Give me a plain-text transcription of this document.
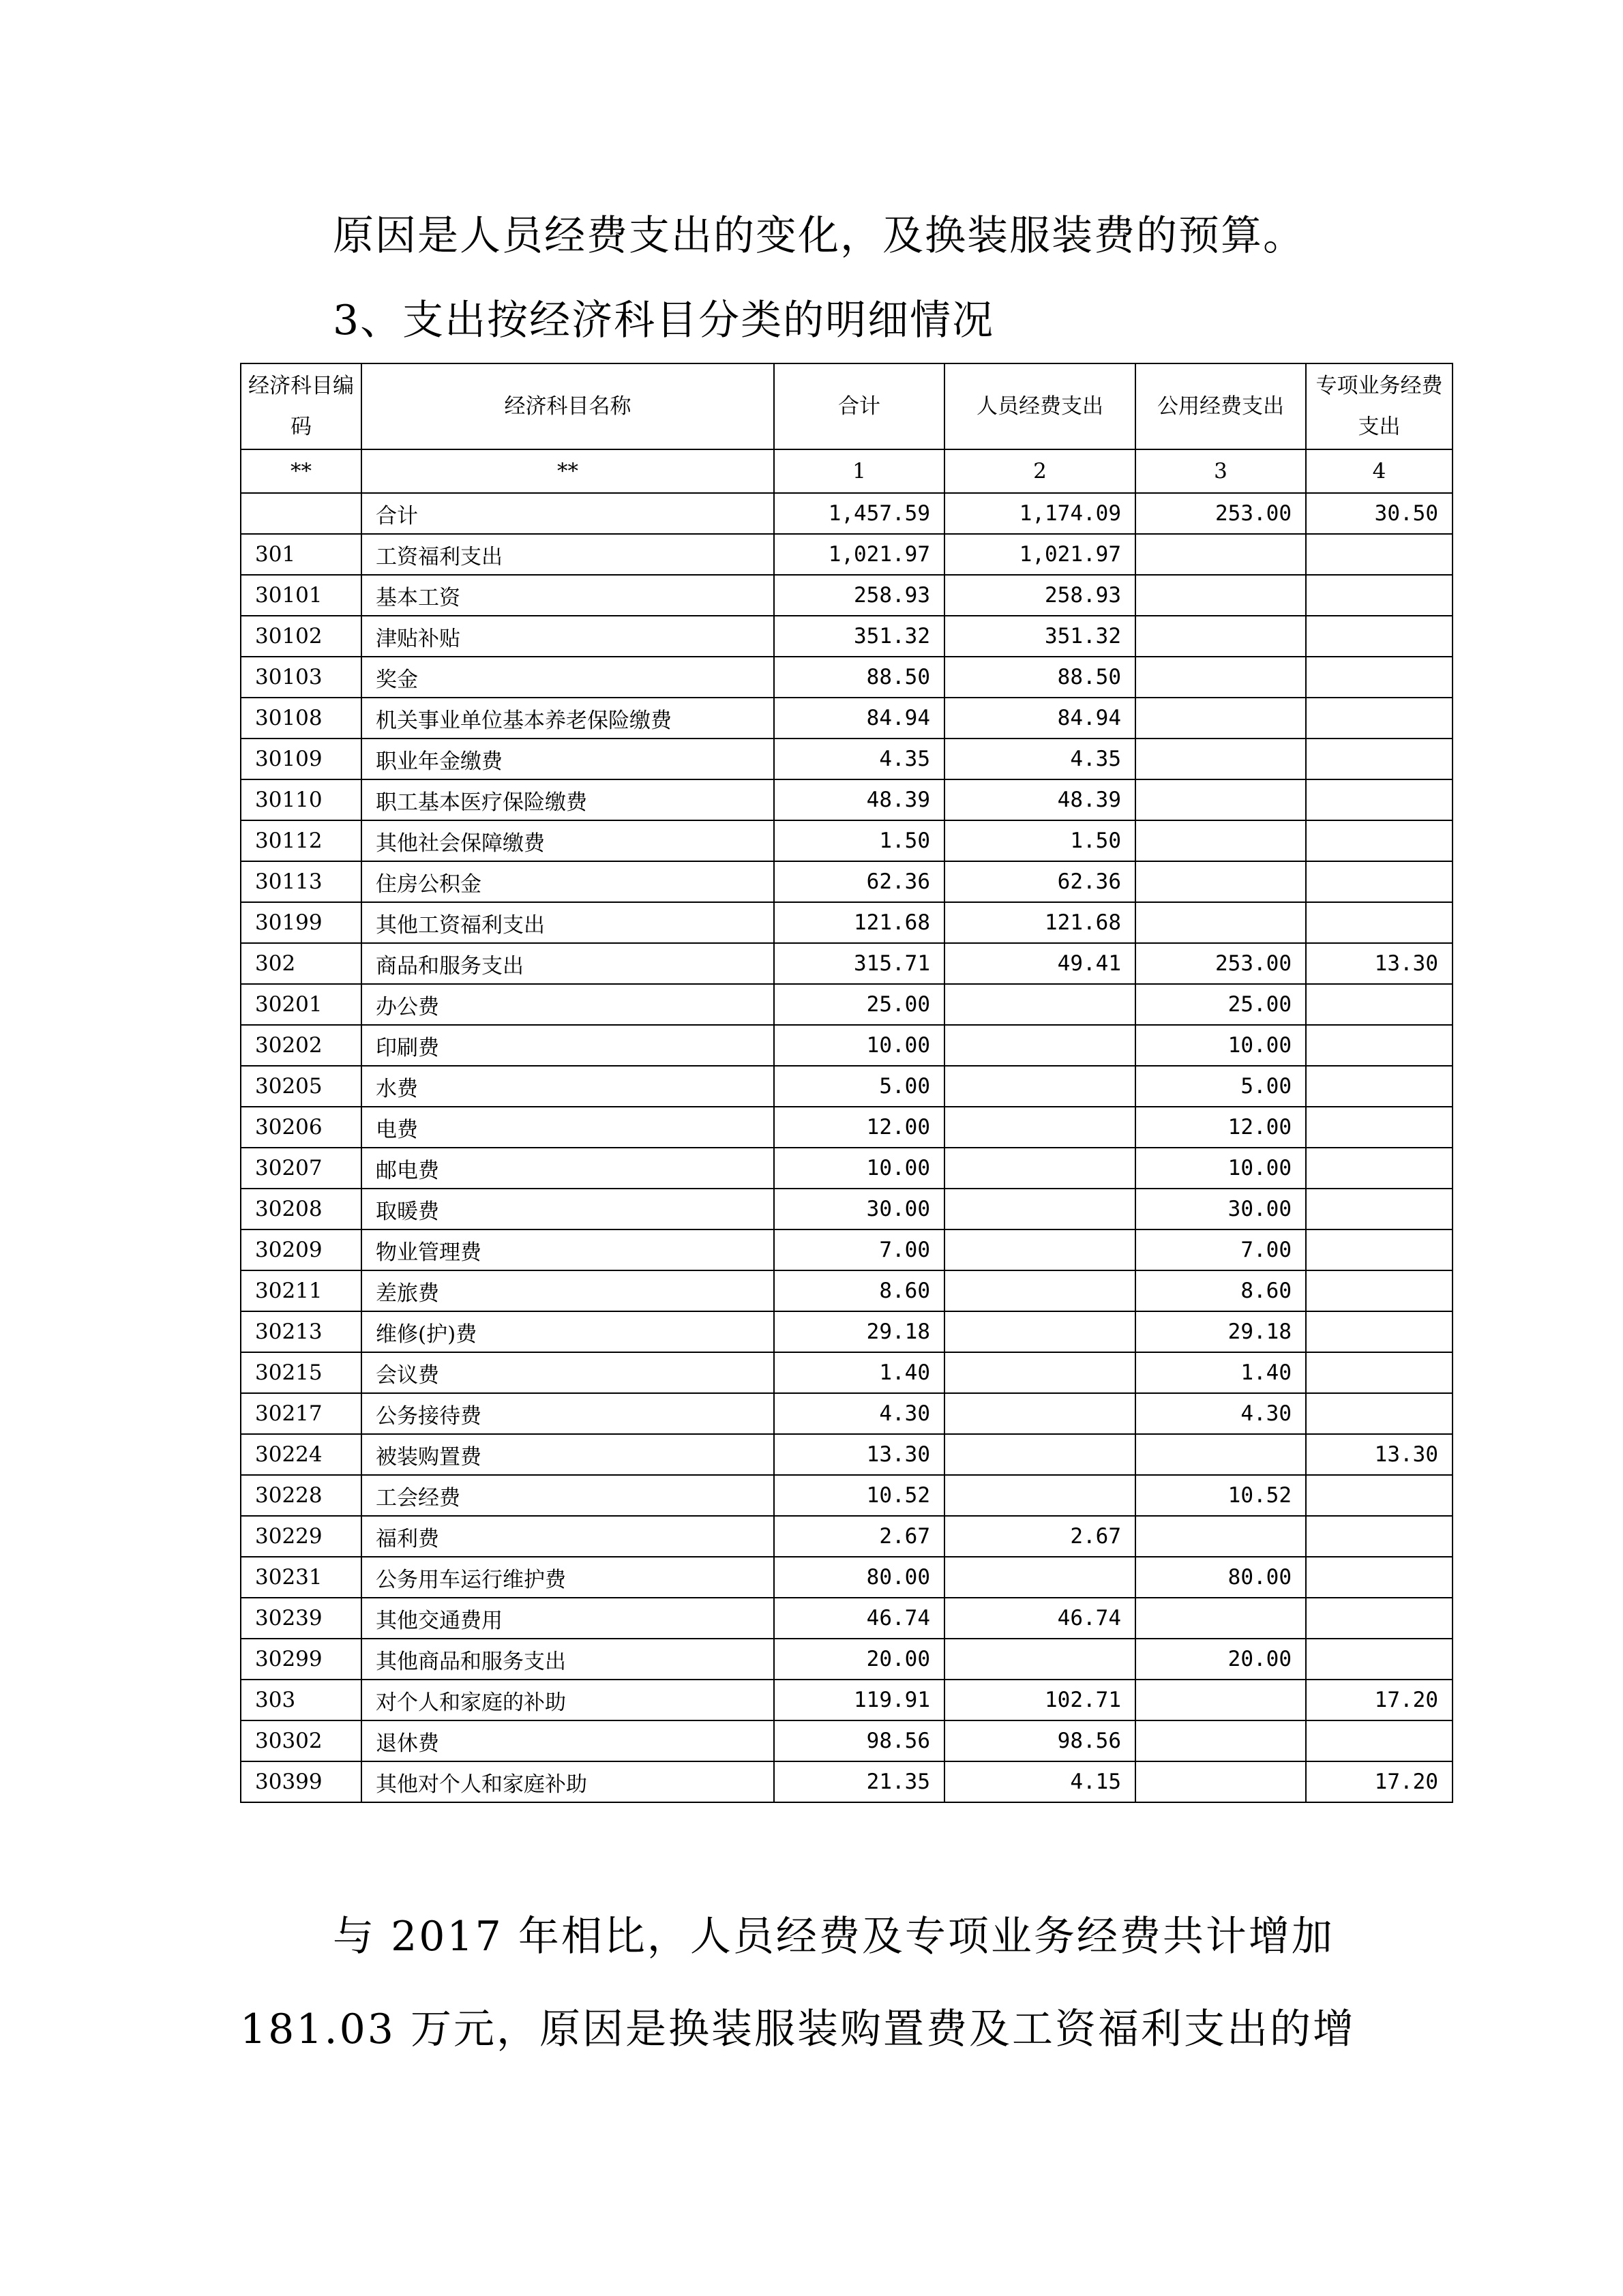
原因是人员经费支出的变化，及换装服装费的预算。
3、支出按经济科目分类的明细情况
经济科目编码	经济科目名称	合计	人员经费支出	公用经费支出	专项业务经费支出
**	**	1	2	3	4
	合计	1,457.59	1,174.09	253.00	30.50
301	工资福利支出	1,021.97	1,021.97		
30101	基本工资	258.93	258.93		
30102	津贴补贴	351.32	351.32		
30103	奖金	88.50	88.50		
30108	机关事业单位基本养老保险缴费	84.94	84.94		
30109	职业年金缴费	4.35	4.35		
30110	职工基本医疗保险缴费	48.39	48.39		
30112	其他社会保障缴费	1.50	1.50		
30113	住房公积金	62.36	62.36		
30199	其他工资福利支出	121.68	121.68		
302	商品和服务支出	315.71	49.41	253.00	13.30
30201	办公费	25.00		25.00	
30202	印刷费	10.00		10.00	
30205	水费	5.00		5.00	
30206	电费	12.00		12.00	
30207	邮电费	10.00		10.00	
30208	取暖费	30.00		30.00	
30209	物业管理费	7.00		7.00	
30211	差旅费	8.60		8.60	
30213	维修(护)费	29.18		29.18	
30215	会议费	1.40		1.40	
30217	公务接待费	4.30		4.30	
30224	被装购置费	13.30			13.30
30228	工会经费	10.52		10.52	
30229	福利费	2.67	2.67		
30231	公务用车运行维护费	80.00		80.00	
30239	其他交通费用	46.74	46.74		
30299	其他商品和服务支出	20.00		20.00	
303	对个人和家庭的补助	119.91	102.71		17.20
30302	退休费	98.56	98.56		
30399	其他对个人和家庭补助	21.35	4.15		17.20
与 2017 年相比，人员经费及专项业务经费共计增加
181.03 万元，原因是换装服装购置费及工资福利支出的增
